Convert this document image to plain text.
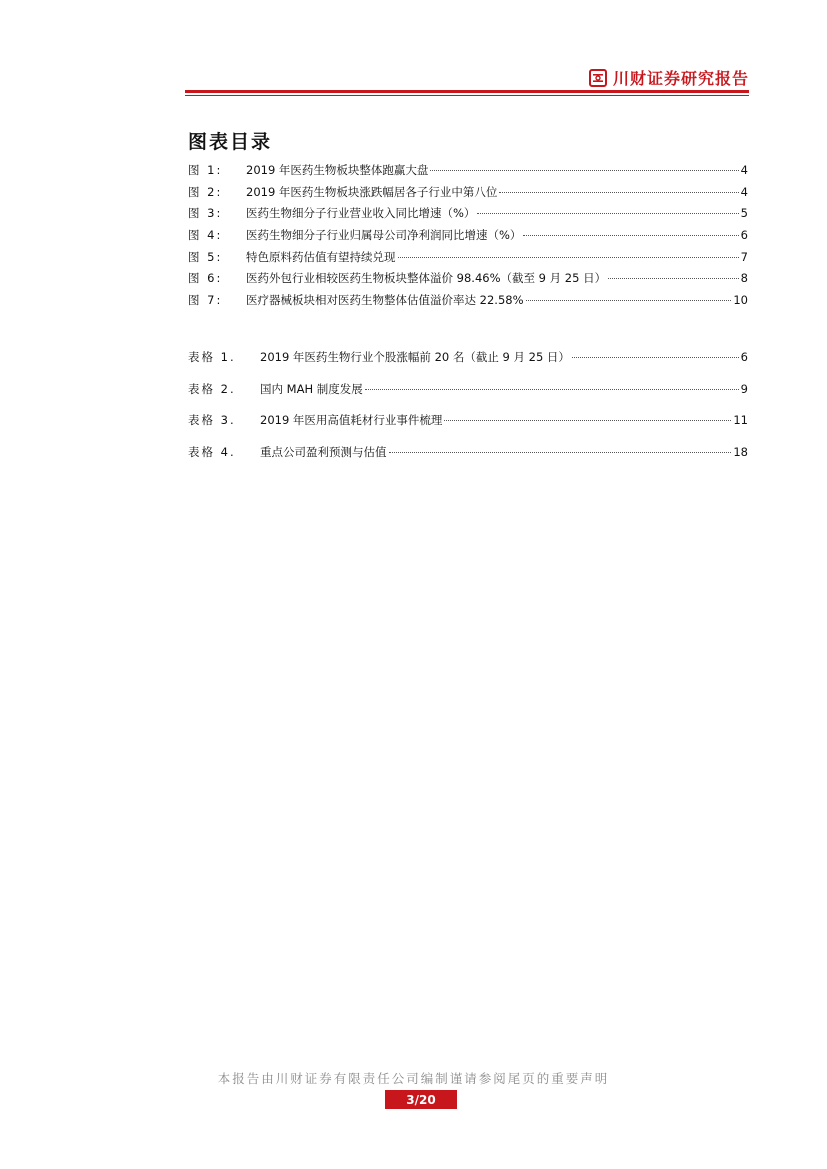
川财证券研究报告
图表目录
图 1:	2019 年医药生物板块整体跑赢大盘	4
图 2:	2019 年医药生物板块涨跌幅居各子行业中第八位	4
图 3:	医药生物细分子行业营业收入同比增速（%）	5
图 4:	医药生物细分子行业归属母公司净利润同比增速（%）	6
图 5:	特色原料药估值有望持续兑现	7
图 6:	医药外包行业相较医药生物板块整体溢价 98.46%（截至 9 月 25 日）	8
图 7:	医疗器械板块相对医药生物整体估值溢价率达 22.58%	10
表格 1.	2019 年医药生物行业个股涨幅前 20 名（截止 9 月 25 日）	6
表格 2.	国内 MAH 制度发展	9
表格 3.	2019 年医用高值耗材行业事件梳理	11
表格 4.	重点公司盈利预测与估值	18
本报告由川财证券有限责任公司编制谨请参阅尾页的重要声明
3/20
